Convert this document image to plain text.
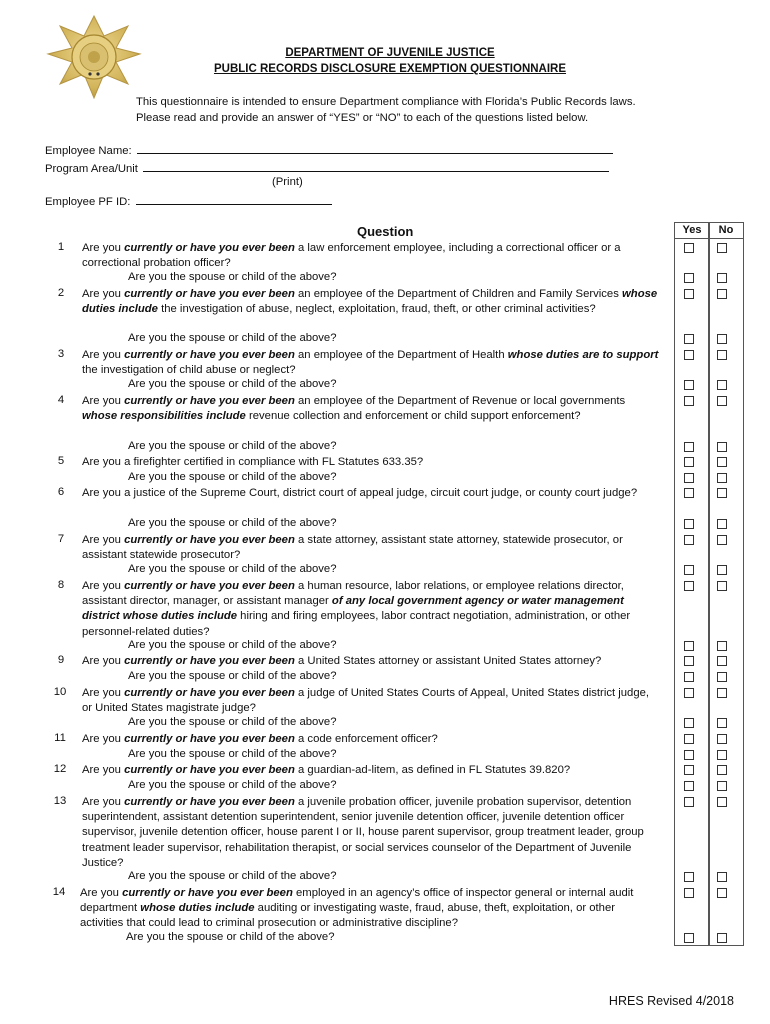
DEPARTMENT OF JUVENILE JUSTICE
PUBLIC RECORDS DISCLOSURE EXEMPTION QUESTIONNAIRE
This questionnaire is intended to ensure Department compliance with Florida’s Public Records laws.
Please read and provide an answer of “YES” or “NO” to each of the questions listed below.
Employee Name:
Program Area/Unit
(Print)
Employee PF ID:
Question	Yes	No
1	Are you currently or have you ever been a law enforcement employee, including a correctional officer or a correctional probation officer?
Are you the spouse or child of the above?
2	Are you currently or have you ever been an employee of the Department of Children and Family Services whose duties include the investigation of abuse, neglect, exploitation, fraud, theft, or other criminal activities?
Are you the spouse or child of the above?
3	Are you currently or have you ever been an employee of the Department of Health whose duties are to support the investigation of child abuse or neglect?
Are you the spouse or child of the above?
4	Are you currently or have you ever been an employee of the Department of Revenue or local governments whose responsibilities include revenue collection and enforcement or child support enforcement?
Are you the spouse or child of the above?
5	Are you a firefighter certified in compliance with FL Statutes 633.35?
Are you the spouse or child of the above?
6	Are you a justice of the Supreme Court, district court of appeal judge, circuit court judge, or county court judge?
Are you the spouse or child of the above?
7	Are you currently or have you ever been a state attorney, assistant state attorney, statewide prosecutor, or assistant statewide prosecutor?
Are you the spouse or child of the above?
8	Are you currently or have you ever been a human resource, labor relations, or employee relations director, assistant director, manager, or assistant manager of any local government agency or water management district whose duties include hiring and firing employees, labor contract negotiation, administration, or other personnel-related duties?
Are you the spouse or child of the above?
9	Are you currently or have you ever been a United States attorney or assistant United States attorney?
Are you the spouse or child of the above?
10	Are you currently or have you ever been a judge of United States Courts of Appeal, United States district judge, or United States magistrate judge?
Are you the spouse or child of the above?
11	Are you currently or have you ever been a code enforcement officer?
Are you the spouse or child of the above?
12	Are you currently or have you ever been a guardian-ad-litem, as defined in FL Statutes 39.820?
Are you the spouse or child of the above?
13	Are you currently or have you ever been a juvenile probation officer, juvenile probation supervisor, detention superintendent, assistant detention superintendent, senior juvenile detention officer, juvenile detention officer supervisor, juvenile detention officer, house parent I or II, house parent supervisor, group treatment leader, group treatment leader supervisor, rehabilitation therapist, or social services counselor of the Department of Juvenile Justice?
Are you the spouse or child of the above?
14	Are you currently or have you ever been employed in an agency’s office of inspector general or internal audit department whose duties include auditing or investigating waste, fraud, abuse, theft, exploitation, or other activities that could lead to criminal prosecution or administrative discipline?
Are you the spouse or child of the above?
HRES Revised 4/2018
